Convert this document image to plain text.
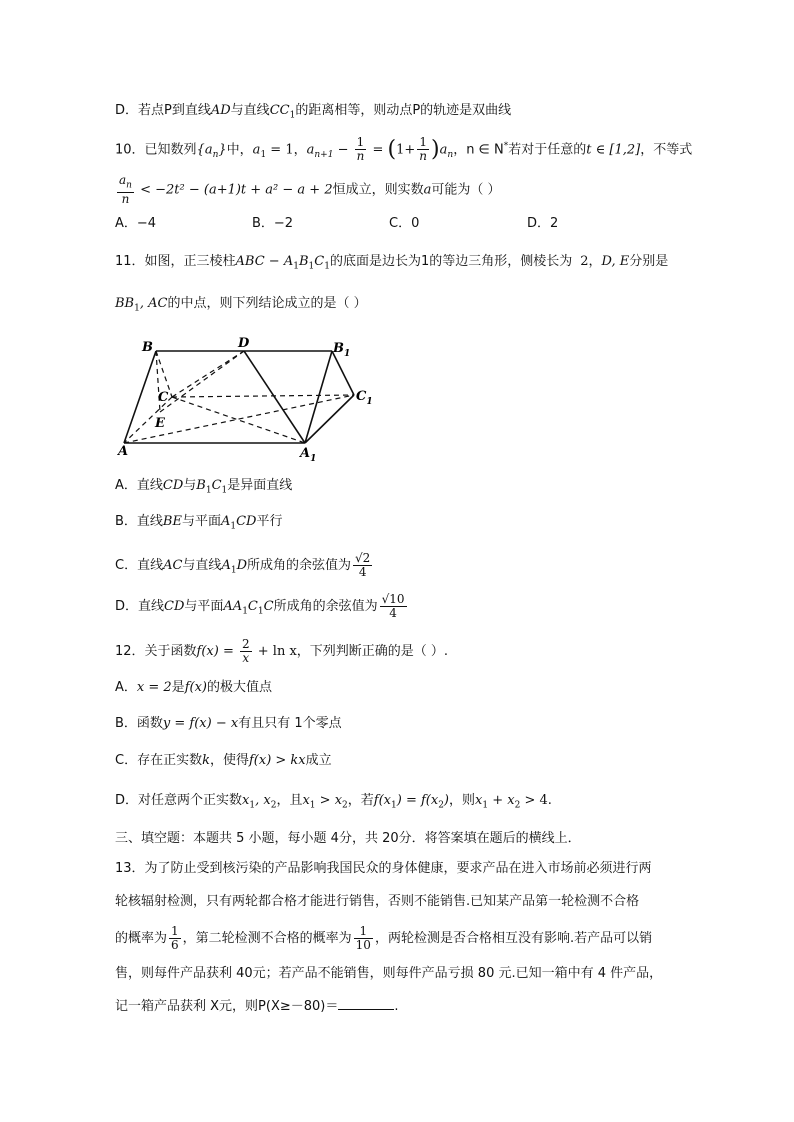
D．若点P到直线AD与直线$CC_1$的距离相等，则动点P的轨迹是双曲线
10．已知数列$\{a_n\}$中，$a_1 = 1$，$a_{n+1} - \frac{1}{n} = (1+ \frac{1}{n} )a_n$，n ∈ N*若对于任意的t ∈ [1,2]，不等式
$\frac{a_n}{n} < -2t^2 - (a+1)t + a^2 - a + 2$恒成立，则实数a可能为（ ）
A．−4	B．−2	C．0	D．2
11．如图，正三棱柱ABC − $A_1B_1C_1$的底面是边长为1的等边三角形，侧棱长为 2，D, E分别是
$BB_1$, AC的中点，则下列结论成立的是（ ）
B	D	$B_1$
C	$C_1$
E
A	$A_1$
A．直线CD与$B_1C_1$是异面直线
B．直线BE与平面$A_1CD$平行
C．直线AC与直线$A_1D$所成角的余弦值为 $\frac{√2}{4}$
D．直线CD与平面$AA_1C_1C$所成角的余弦值为 $\frac{√10}{4}$
12．关于函数$f(x) = \frac{2}{x} + \ln x$，下列判断正确的是（ ）.
A．x = 2是f(x)的极大值点
B．函数y = f(x) − x有且只有 1个零点
C．存在正实数k，使得f(x) > kx成立
D．对任意两个正实数$x_1$, $x_2$，且$x_1 > x_2$，若$f(x_1) = f(x_2)$，则$x_1 + x_2 > 4$.
三、填空题：本题共 5 小题，每小题 4分，共 20分．将答案填在题后的横线上．
13．为了防止受到核污染的产品影响我国民众的身体健康，要求产品在进入市场前必须进行两
轮核辐射检测，只有两轮都合格才能进行销售，否则不能销售.已知某产品第一轮检测不合格
的概率为 $\frac{1}{6}$ ，第二轮检测不合格的概率为 $\frac{1}{10}$ ，两轮检测是否合格相互没有影响.若产品可以销
售，则每件产品获利 40元；若产品不能销售，则每件产品亏损 80 元.已知一箱中有 4 件产品，
记一箱产品获利 X元，则P(X≥－80)＝	.
